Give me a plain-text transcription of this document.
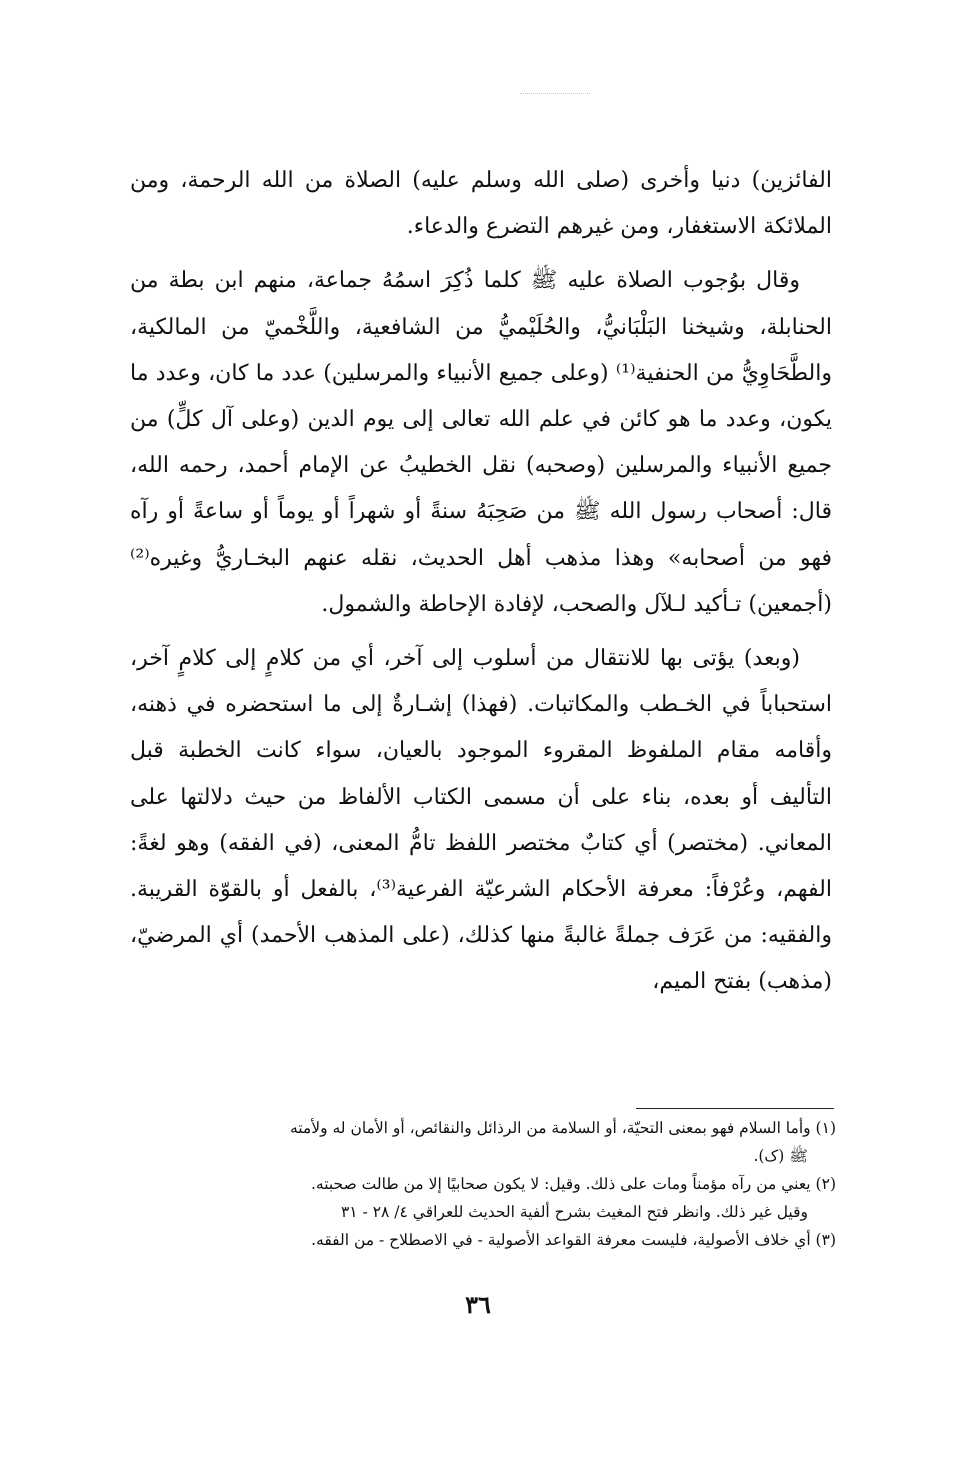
الفائزين) دنيا وأخرى (صلى الله وسلم عليه) الصلاة من الله الرحمة، ومن الملائكة الاستغفار، ومن غيرهم التضرع والدعاء.

وقال بوُجوب الصلاة عليه ﷺ كلما ذُكِرَ اسمُهُ جماعة، منهم ابن بطة من الحنابلة، وشيخنا البَلْبَانيُّ، والحُلَيْميُّ من الشافعية، واللَّخْميّ من المالكية، والطَّحَاوِيُّ من الحنفية⁽¹⁾ (وعلى جميع الأنبياء والمرسلين) عدد ما كان، وعدد ما يكون، وعدد ما هو كائن في علم الله تعالى إلى يوم الدين (وعلى آل كلٍّ) من جميع الأنبياء والمرسلين (وصحبه) نقل الخطيبُ عن الإمام أحمد، رحمه الله، قال: أصحاب رسول الله ﷺ من صَحِبَهُ سنةً أو شهراً أو يوماً أو ساعةً أو رآه فهو من أصحابه» وهذا مذهب أهل الحديث، نقله عنهم البخـاريُّ وغيره⁽²⁾ (أجمعين) تـأكيد لـلآل والصحب، لإفادة الإحاطة والشمول.

(وبعد) يؤتى بها للانتقال من أسلوب إلى آخر، أي من كلامٍ إلى كلامٍ آخر، استحباباً في الخـطب والمكاتبات. (فهذا) إشـارةٌ إلى ما استحضره في ذهنه، وأقامه مقام الملفوظ المقروء الموجود بالعيان، سواء كانت الخطبة قبل التأليف أو بعده، بناء على أن مسمى الكتاب الألفاظ من حيث دلالتها على المعاني. (مختصر) أي كتابٌ مختصر اللفظ تامُّ المعنى، (في الفقه) وهو لغةً: الفهم، وعُرْفاً: معرفة الأحكام الشرعيّة الفرعية⁽³⁾، بالفعل أو بالقوّة القريبة. والفقيه: من عَرَف جملةً غالبةً منها كذلك، (على المذهب الأحمد) أي المرضيّ، (مذهب) بفتح الميم،

(١) وأما السلام فهو بمعنى التحيّة، أو السلامة من الرذائل والنقائص، أو الأمان له ولأمته

ﷺ (ک).

(٢) يعني من رآه مؤمناً ومات على ذلك. وقيل: لا يكون صحابيًا إلا من طالت صحبته.

وقيل غير ذلك. وانظر فتح المغيث بشرح ألفية الحديث للعراقي ٤/ ٢٨ - ٣١

(٣) أي خلاف الأصولية، فليست معرفة القواعد الأصولية - في الاصطلاح - من الفقه.

٣٦
